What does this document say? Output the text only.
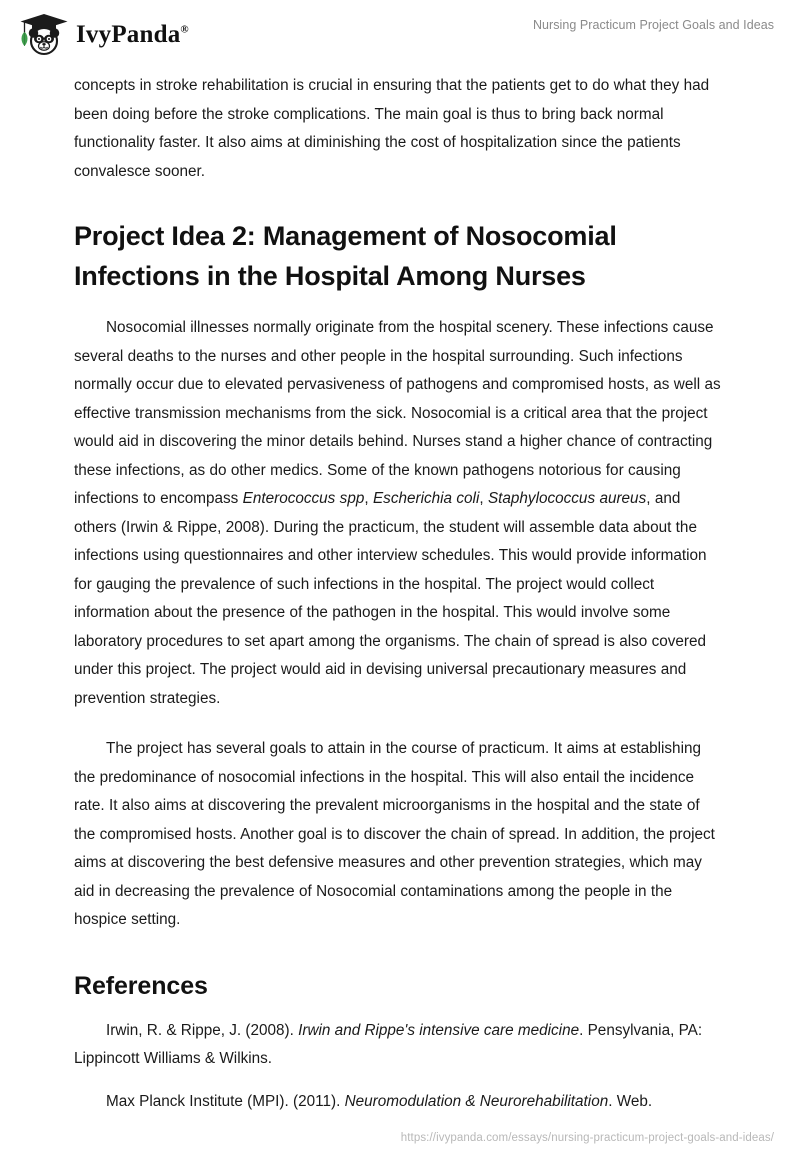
IvyPanda®	Nursing Practicum Project Goals and Ideas

concepts in stroke rehabilitation is crucial in ensuring that the patients get to do what they had been doing before the stroke complications. The main goal is thus to bring back normal functionality faster. It also aims at diminishing the cost of hospitalization since the patients convalesce sooner.

Project Idea 2: Management of Nosocomial Infections in the Hospital Among Nurses

Nosocomial illnesses normally originate from the hospital scenery. These infections cause several deaths to the nurses and other people in the hospital surrounding. Such infections normally occur due to elevated pervasiveness of pathogens and compromised hosts, as well as effective transmission mechanisms from the sick. Nosocomial is a critical area that the project would aid in discovering the minor details behind. Nurses stand a higher chance of contracting these infections, as do other medics. Some of the known pathogens notorious for causing infections to encompass Enterococcus spp, Escherichia coli, Staphylococcus aureus, and others (Irwin & Rippe, 2008). During the practicum, the student will assemble data about the infections using questionnaires and other interview schedules. This would provide information for gauging the prevalence of such infections in the hospital. The project would collect information about the presence of the pathogen in the hospital. This would involve some laboratory procedures to set apart among the organisms. The chain of spread is also covered under this project. The project would aid in devising universal precautionary measures and prevention strategies.

The project has several goals to attain in the course of practicum. It aims at establishing the predominance of nosocomial infections in the hospital. This will also entail the incidence rate. It also aims at discovering the prevalent microorganisms in the hospital and the state of the compromised hosts. Another goal is to discover the chain of spread. In addition, the project aims at discovering the best defensive measures and other prevention strategies, which may aid in decreasing the prevalence of Nosocomial contaminations among the people in the hospice setting.

References

Irwin, R. & Rippe, J. (2008). Irwin and Rippe's intensive care medicine. Pensylvania, PA: Lippincott Williams & Wilkins.

Max Planck Institute (MPI). (2011). Neuromodulation & Neurorehabilitation. Web.

https://ivypanda.com/essays/nursing-practicum-project-goals-and-ideas/
